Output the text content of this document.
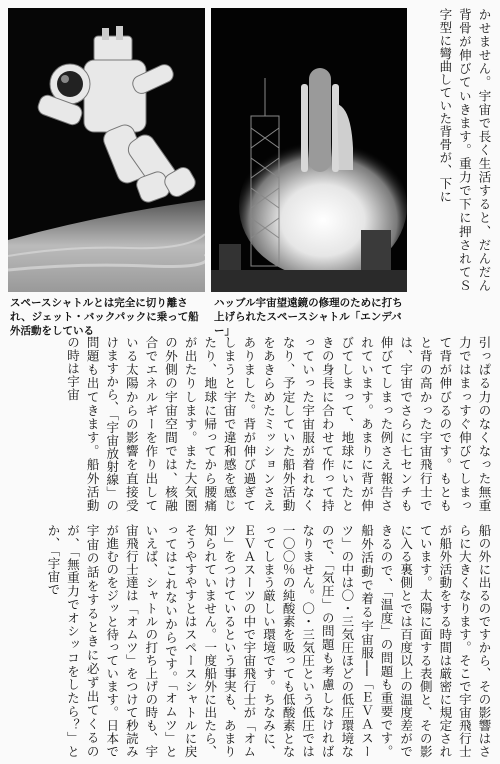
スペースシャトルとは完全に切り離され、ジェット・バックパックに乗って船外活動をしている

ハッブル宇宙望遠鏡の修理のために打ち上げられたスペースシャトル「エンデバー」

かせません。宇宙で長く生活すると、だんだん背骨が伸びていきます。重力で下に押されてＳ字型に彎曲していた背骨が、下に
引っぱる力のなくなった無重力ではまっすぐ伸びてしまって背が伸びるのです。もともと背の高かった宇宙飛行士では、宇宙でさらに七センチも伸びてしまった例さえ報告されています。あまりに背が伸びてしまって、地球にいたときの身長に合わせて作って持っていった宇宙服が着れなくなり、予定していた船外活動をあきらめたミッションさえありました。背が伸び過ぎてしまうと宇宙で違和感を感じたり、地球に帰ってから腰痛が出たりします。また大気圏の外側の宇宙空間では、核融合でエネルギーを作り出している太陽からの影響を直接受けますから、「宇宙放射線」の問題も出てきます。船外活動の時は宇宙
船の外に出るのですから、その影響はさらに大きくなります。そこで宇宙飛行士が船外活動をする時間は厳密に規定されています。太陽に面する表側と、その影に入る裏側とでは百度以上の温度差ができるので、「温度」の問題も重要です。船外活動で着る宇宙服──「ＥＶＡスーツ」の中は〇・三気圧ほどの低圧環境なので、「気圧」の問題も考慮しなければなりません。〇・三気圧という低圧では一〇〇％の純酸素を吸っても低酸素となってしまう厳しい環境です。ちなみに、ＥＶＡスーツの中で宇宙飛行士が「オムツ」をつけているという事実も、あまり知られていません。一度船外に出たら、そうやすやすとはスペースシャトルに戻ってはこれないからです。「オムツ」といえば、シャトルの打ち上げの時も、宇宙飛行士達は「オムツ」をつけて秒読みが進むのをジッと待っています。日本で宇宙の話をするときに必ず出てくるのが、「無重力でオシッコをしたら？」とか、「宇宙で
